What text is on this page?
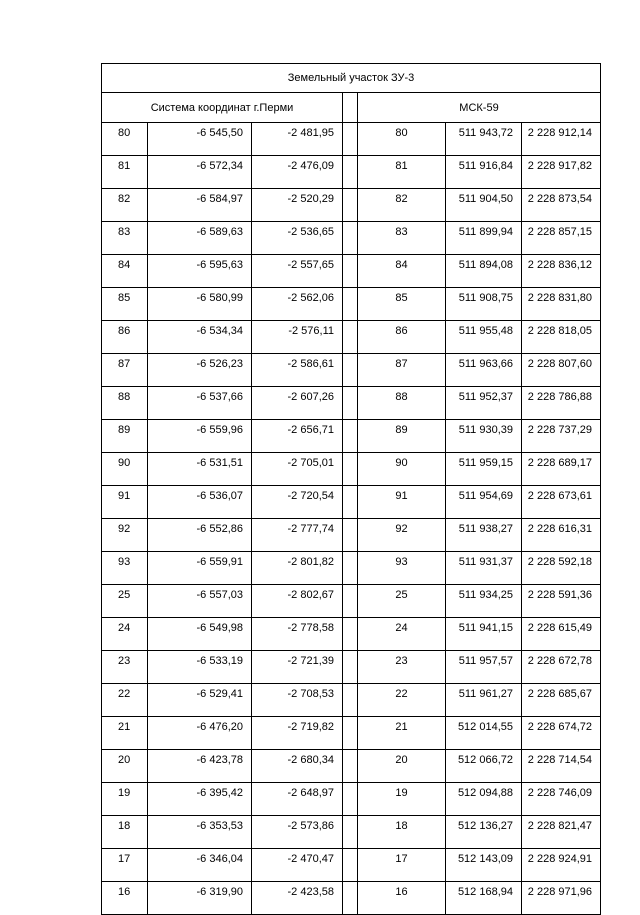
Земельный участок ЗУ-3						
Система координат г.Перми				МСК-59		
80	-6 545,50	-2 481,95		80	511 943,72	2 228 912,14
81	-6 572,34	-2 476,09		81	511 916,84	2 228 917,82
82	-6 584,97	-2 520,29		82	511 904,50	2 228 873,54
83	-6 589,63	-2 536,65		83	511 899,94	2 228 857,15
84	-6 595,63	-2 557,65		84	511 894,08	2 228 836,12
85	-6 580,99	-2 562,06		85	511 908,75	2 228 831,80
86	-6 534,34	-2 576,11		86	511 955,48	2 228 818,05
87	-6 526,23	-2 586,61		87	511 963,66	2 228 807,60
88	-6 537,66	-2 607,26		88	511 952,37	2 228 786,88
89	-6 559,96	-2 656,71		89	511 930,39	2 228 737,29
90	-6 531,51	-2 705,01		90	511 959,15	2 228 689,17
91	-6 536,07	-2 720,54		91	511 954,69	2 228 673,61
92	-6 552,86	-2 777,74		92	511 938,27	2 228 616,31
93	-6 559,91	-2 801,82		93	511 931,37	2 228 592,18
25	-6 557,03	-2 802,67		25	511 934,25	2 228 591,36
24	-6 549,98	-2 778,58		24	511 941,15	2 228 615,49
23	-6 533,19	-2 721,39		23	511 957,57	2 228 672,78
22	-6 529,41	-2 708,53		22	511 961,27	2 228 685,67
21	-6 476,20	-2 719,82		21	512 014,55	2 228 674,72
20	-6 423,78	-2 680,34		20	512 066,72	2 228 714,54
19	-6 395,42	-2 648,97		19	512 094,88	2 228 746,09
18	-6 353,53	-2 573,86		18	512 136,27	2 228 821,47
17	-6 346,04	-2 470,47		17	512 143,09	2 228 924,91
16	-6 319,90	-2 423,58		16	512 168,94	2 228 971,96
